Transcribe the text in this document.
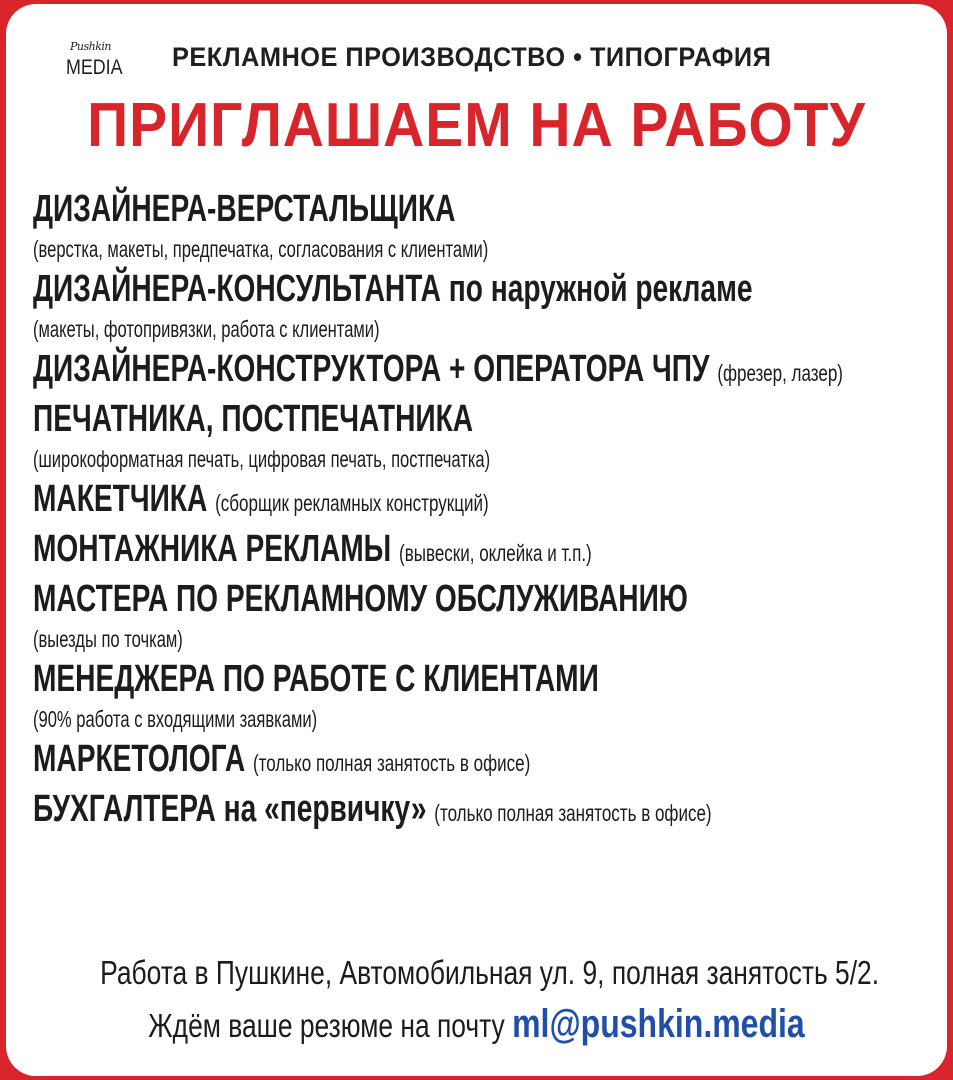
Pushkin
MEDIA РЕКЛАМНОЕ ПРОИЗВОДСТВО • ТИПОГРАФИЯ
ПРИГЛАШАЕМ НА РАБОТУ
ДИЗАЙНЕРА-ВЕРСТАЛЬЩИКА
(верстка, макеты, предпечатка, согласования с клиентами)
ДИЗАЙНЕРА-КОНСУЛЬТАНТА по наружной рекламе
(макеты, фотопривязки, работа с клиентами)
ДИЗАЙНЕРА-КОНСТРУКТОРА + ОПЕРАТОРА ЧПУ (фрезер, лазер)
ПЕЧАТНИКА, ПОСТПЕЧАТНИКА
(широкоформатная печать, цифровая печать, постпечатка)
МАКЕТЧИКА (сборщик рекламных конструкций)
МОНТАЖНИКА РЕКЛАМЫ (вывески, оклейка и т.п.)
МАСТЕРА ПО РЕКЛАМНОМУ ОБСЛУЖИВАНИЮ
(выезды по точкам)
МЕНЕДЖЕРА ПО РАБОТЕ С КЛИЕНТАМИ
(90% работа с входящими заявками)
МАРКЕТОЛОГА (только полная занятость в офисе)
БУХГАЛТЕРА на «первичку» (только полная занятость в офисе)
Работа в Пушкине, Автомобильная ул. 9, полная занятость 5/2.
Ждём ваше резюме на почту ml@pushkin.media
